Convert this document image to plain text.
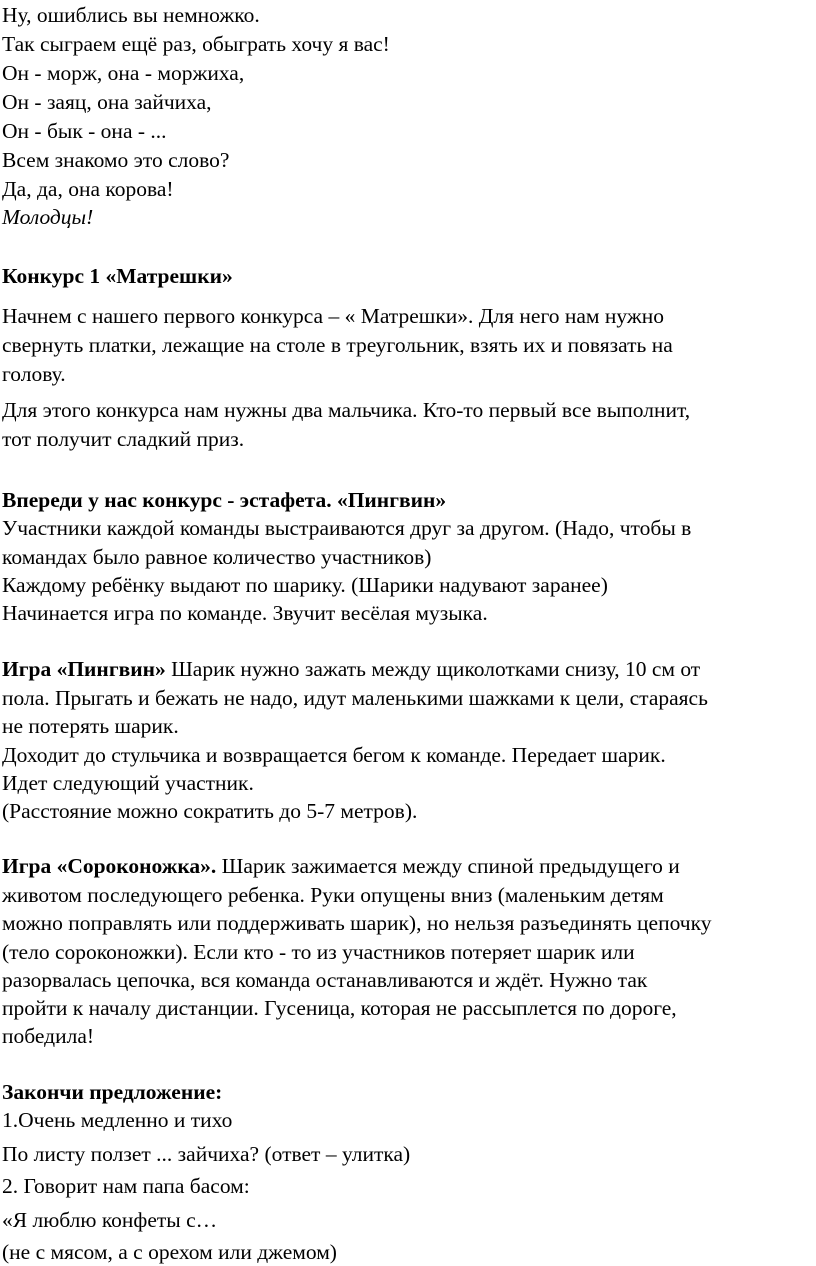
Ну, ошиблись вы немножко.
Так сыграем ещё раз, обыграть хочу я вас!
Он - морж, она - моржиха,
Он - заяц, она зайчиха,
Он - бык - она - ...
Всем знакомо это слово?
Да, да, она корова!
Молодцы!
Конкурс 1 «Матрешки»
Начнем с нашего первого конкурса – « Матрешки». Для него нам нужно
свернуть платки, лежащие на столе в треугольник, взять их и повязать на
голову.
Для этого конкурса нам нужны два мальчика. Кто-то первый все выполнит,
тот получит сладкий приз.
Впереди у нас конкурс - эстафета. «Пингвин»
Участники каждой команды выстраиваются друг за другом. (Надо, чтобы в
командах было равное количество участников)
Каждому ребёнку выдают по шарику. (Шарики надувают заранее)
Начинается игра по команде. Звучит весёлая музыка.
Игра «Пингвин» Шарик нужно зажать между щиколотками снизу, 10 см от
пола. Прыгать и бежать не надо, идут маленькими шажками к цели, стараясь
не потерять шарик.
Доходит до стульчика и возвращается бегом к команде. Передает шарик.
Идет следующий участник.
(Расстояние можно сократить до 5-7 метров).
Игра «Сороконожка». Шарик зажимается между спиной предыдущего и
животом последующего ребенка. Руки опущены вниз (маленьким детям
можно поправлять или поддерживать шарик), но нельзя разъединять цепочку
(тело сороконожки). Если кто - то из участников потеряет шарик или
разорвалась цепочка, вся команда останавливаются и ждёт. Нужно так
пройти к началу дистанции. Гусеница, которая не рассыплется по дороге,
победила!
Закончи предложение:
1.Очень медленно и тихо
По листу ползет ... зайчиха? (ответ – улитка)
2. Говорит нам папа басом:
«Я люблю конфеты с…
(не с мясом, а с орехом или джемом)
